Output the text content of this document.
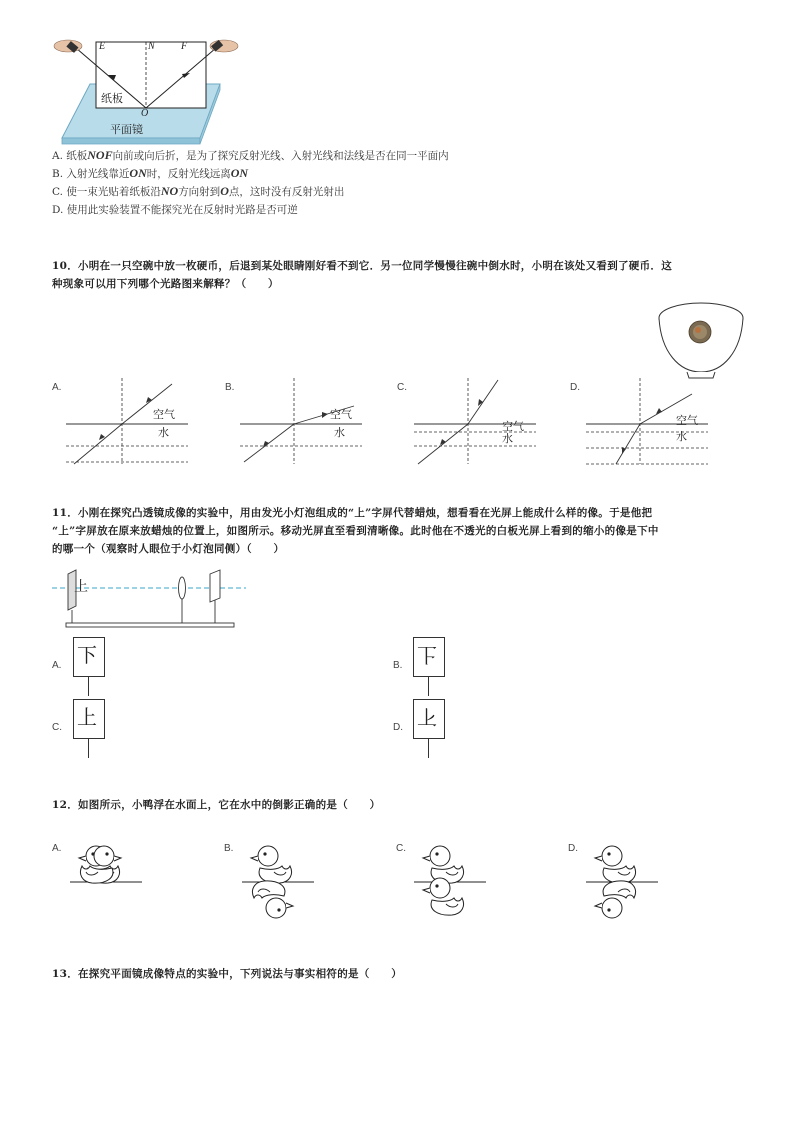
E	N	F
O
纸板
平面镜
A. 纸板NOF向前或向后折，是为了探究反射光线、入射光线和法线是否在同一平面内
B. 入射光线靠近ON时，反射光线远离ON
C. 使一束光贴着纸板沿NO方向射到O点，这时没有反射光射出
D. 使用此实验装置不能探究光在反射时光路是否可逆
10．小明在一只空碗中放一枚硬币，后退到某处眼睛刚好看不到它．另一位同学慢慢往碗中倒水时，小明在该处又看到了硬币．这
种现象可以用下列哪个光路图来解释？（　　）
A.
空气
水
B.
空气
水
C.
空气
水
D.
空气
水
11．小刚在探究凸透镜成像的实验中，用由发光小灯泡组成的“上”字屏代替蜡烛，想看看在光屏上能成什么样的像。于是他把
“上”字屏放在原来放蜡烛的位置上，如图所示。移动光屏直至看到清晰像。此时他在不透光的白板光屏上看到的缩小的像是下中
的哪一个（观察时人眼位于小灯泡同侧）（　　）
上
A. 下	B. 上
C. 上	D. 下
12．如图所示，小鸭浮在水面上，它在水中的倒影正确的是（　　）
A.	B.	C.	D.
13．在探究平面镜成像特点的实验中，下列说法与事实相符的是（　　）
